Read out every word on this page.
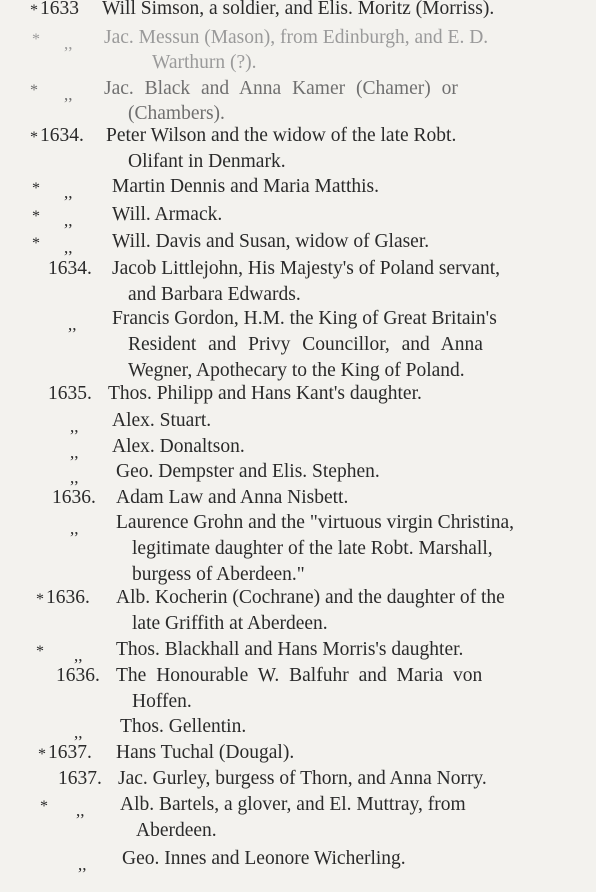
* 1633 Will Simson, a soldier, and Elis. Moritz (Morriss).
* ,, Jac. Messun (Mason), from Edinburgh, and E. D.
Warthurn (?).
* ,, Jac. Black and Anna Kamer (Chamer) or
(Chambers).
* 1634. Peter Wilson and the widow of the late Robt.
Olifant in Denmark.
* ,, Martin Dennis and Maria Matthis.
* ,, Will. Armack.
* ,, Will. Davis and Susan, widow of Glaser.
1634. Jacob Littlejohn, His Majesty's of Poland servant,
and Barbara Edwards.
,, Francis Gordon, H.M. the King of Great Britain's
Resident and Privy Councillor, and Anna
Wegner, Apothecary to the King of Poland.
1635. Thos. Philipp and Hans Kant's daughter.
,, Alex. Stuart.
,, Alex. Donaltson.
,, Geo. Dempster and Elis. Stephen.
1636. Adam Law and Anna Nisbett.
,, Laurence Grohn and the "virtuous virgin Christina,
legitimate daughter of the late Robt. Marshall,
burgess of Aberdeen."
* 1636. Alb. Kocherin (Cochrane) and the daughter of the
late Griffith at Aberdeen.
* ,, Thos. Blackhall and Hans Morris's daughter.
1636. The Honourable W. Balfuhr and Maria von
Hoffen.
,, Thos. Gellentin.
* 1637. Hans Tuchal (Dougal).
1637. Jac. Gurley, burgess of Thorn, and Anna Norry.
* ,, Alb. Bartels, a glover, and El. Muttray, from
Aberdeen.
,, Geo. Innes and Leonore Wicherling.
